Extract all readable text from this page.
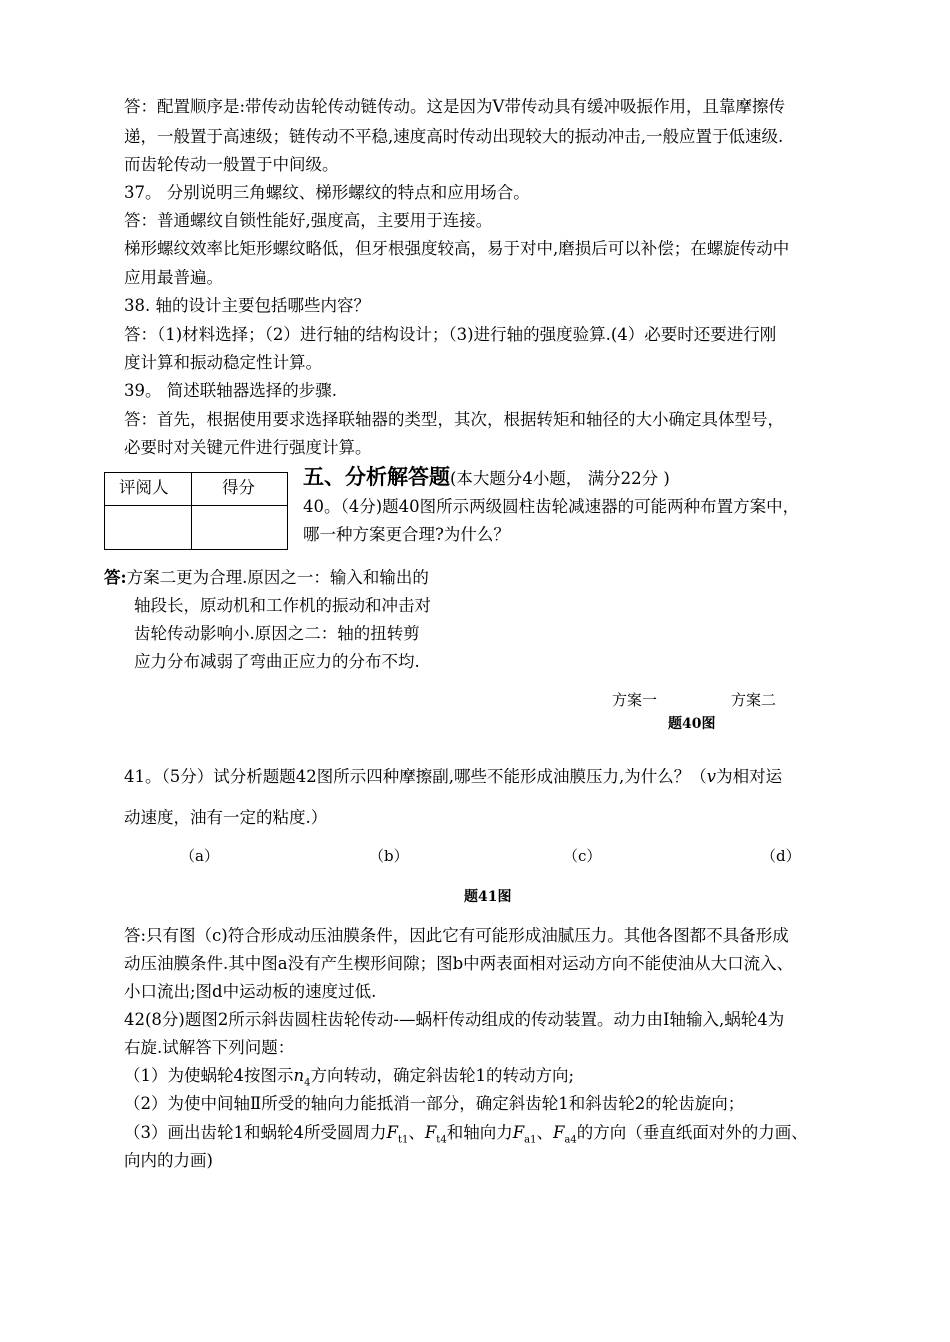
答：配置顺序是:带传动齿轮传动链传动。这是因为V带传动具有缓冲吸振作用，且靠摩擦传
递，一般置于高速级；链传动不平稳,速度高时传动出现较大的振动冲击,一般应置于低速级.
而齿轮传动一般置于中间级。
37。 分别说明三角螺纹、梯形螺纹的特点和应用场合。
答：普通螺纹自锁性能好,强度高，主要用于连接。
梯形螺纹效率比矩形螺纹略低，但牙根强度较高，易于对中,磨损后可以补偿；在螺旋传动中
应用最普遍。
38. 轴的设计主要包括哪些内容？
答：（1)材料选择；（2）进行轴的结构设计；（3)进行轴的强度验算.(4）必要时还要进行刚
度计算和振动稳定性计算。
39。 简述联轴器选择的步骤.
答：首先，根据使用要求选择联轴器的类型，其次，根据转矩和轴径的大小确定具体型号，
必要时对关键元件进行强度计算。
评阅人	得分 五、分析解答题(本大题分4小题， 满分22分 )
40。（4分)题40图所示两级圆柱齿轮减速器的可能两种布置方案中，
哪一种方案更合理?为什么？
答:方案二更为合理.原因之一：输入和输出的
轴段长，原动机和工作机的振动和冲击对
齿轮传动影响小.原因之二：轴的扭转剪
应力分布减弱了弯曲正应力的分布不均.
方案一	方案二
题40图
41。（5分）试分析题题42图所示四种摩擦副,哪些不能形成油膜压力,为什么？（v为相对运
动速度，油有一定的粘度.）
（a）	（b）	（c）	（d）
题41图
答:只有图（c)符合形成动压油膜条件，因此它有可能形成油腻压力。其他各图都不具备形成
动压油膜条件.其中图a没有产生楔形间隙；图b中两表面相对运动方向不能使油从大口流入、
小口流出;图d中运动板的速度过低.
42(8分)题图2所示斜齿圆柱齿轮传动-—蜗杆传动组成的传动装置。动力由I轴输入,蜗轮4为
右旋.试解答下列问题：
（1）为使蜗轮4按图示$n_4$方向转动，确定斜齿轮1的转动方向;
（2）为使中间轴Ⅱ所受的轴向力能抵消一部分，确定斜齿轮1和斜齿轮2的轮齿旋向；
（3）画出齿轮1和蜗轮4所受圆周力$F_{t1}$、$F_{t4}$和轴向力$F_{a1}$、$F_{a4}$的方向（垂直纸面对外的力画、
向内的力画)
